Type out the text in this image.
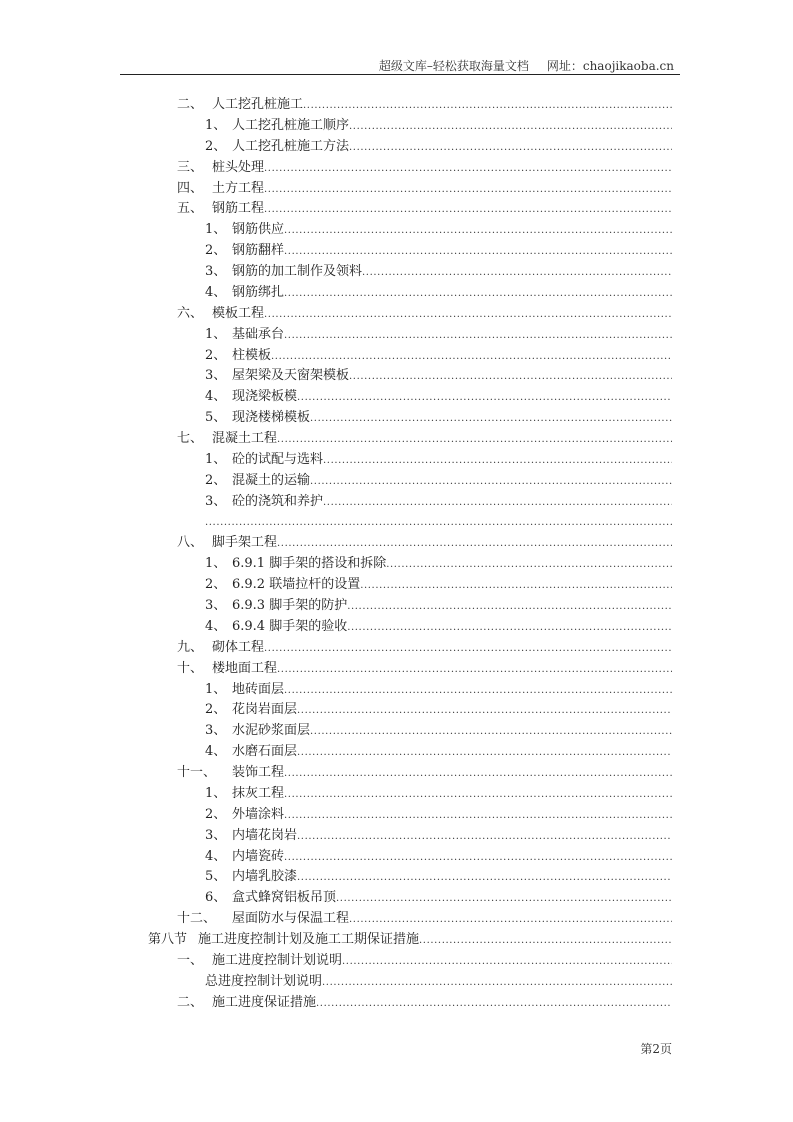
超级文库–轻松获取海量文档 网址：chaojikaoba.cn
二、 人工挖孔桩施工
.....
1、 人工挖孔桩施工顺序
.....
2、 人工挖孔桩施工方法
.....
三、 桩头处理
.....
四、 土方工程
.....
五、 钢筋工程
.....
1、 钢筋供应
.....
2、 钢筋翻样
.....
3、 钢筋的加工制作及领料
.....
4、 钢筋绑扎
.....
六、 模板工程
.....
1、 基础承台
.....
2、 柱模板
.....
3、 屋架梁及天窗架模板
.....
4、 现浇梁板模
.....
5、 现浇楼梯模板
.....
七、 混凝土工程
.....
1、 砼的试配与选料
.....
2、 混凝土的运输
.....
3、 砼的浇筑和养护
.....
.....
八、 脚手架工程
.....
1、 6.9.1 脚手架的搭设和拆除
.....
2、 6.9.2 联墙拉杆的设置
.....
3、 6.9.3 脚手架的防护
.....
4、 6.9.4 脚手架的验收
.....
九、 砌体工程
.....
十、 楼地面工程
.....
1、 地砖面层
.....
2、 花岗岩面层
.....
3、 水泥砂浆面层
.....
4、 水磨石面层
.....
十一、	装饰工程
.....
1、 抹灰工程
.....
2、 外墙涂料
.....
3、 内墙花岗岩
.....
4、 内墙瓷砖
.....
5、 内墙乳胶漆
.....
6、 盒式蜂窝铝板吊顶
.....
十二、	屋面防水与保温工程
.....
第八节 施工进度控制计划及施工工期保证措施
.....
一、 施工进度控制计划说明
.....
总进度控制计划说明
.....
二、 施工进度保证措施
.....
第2页
